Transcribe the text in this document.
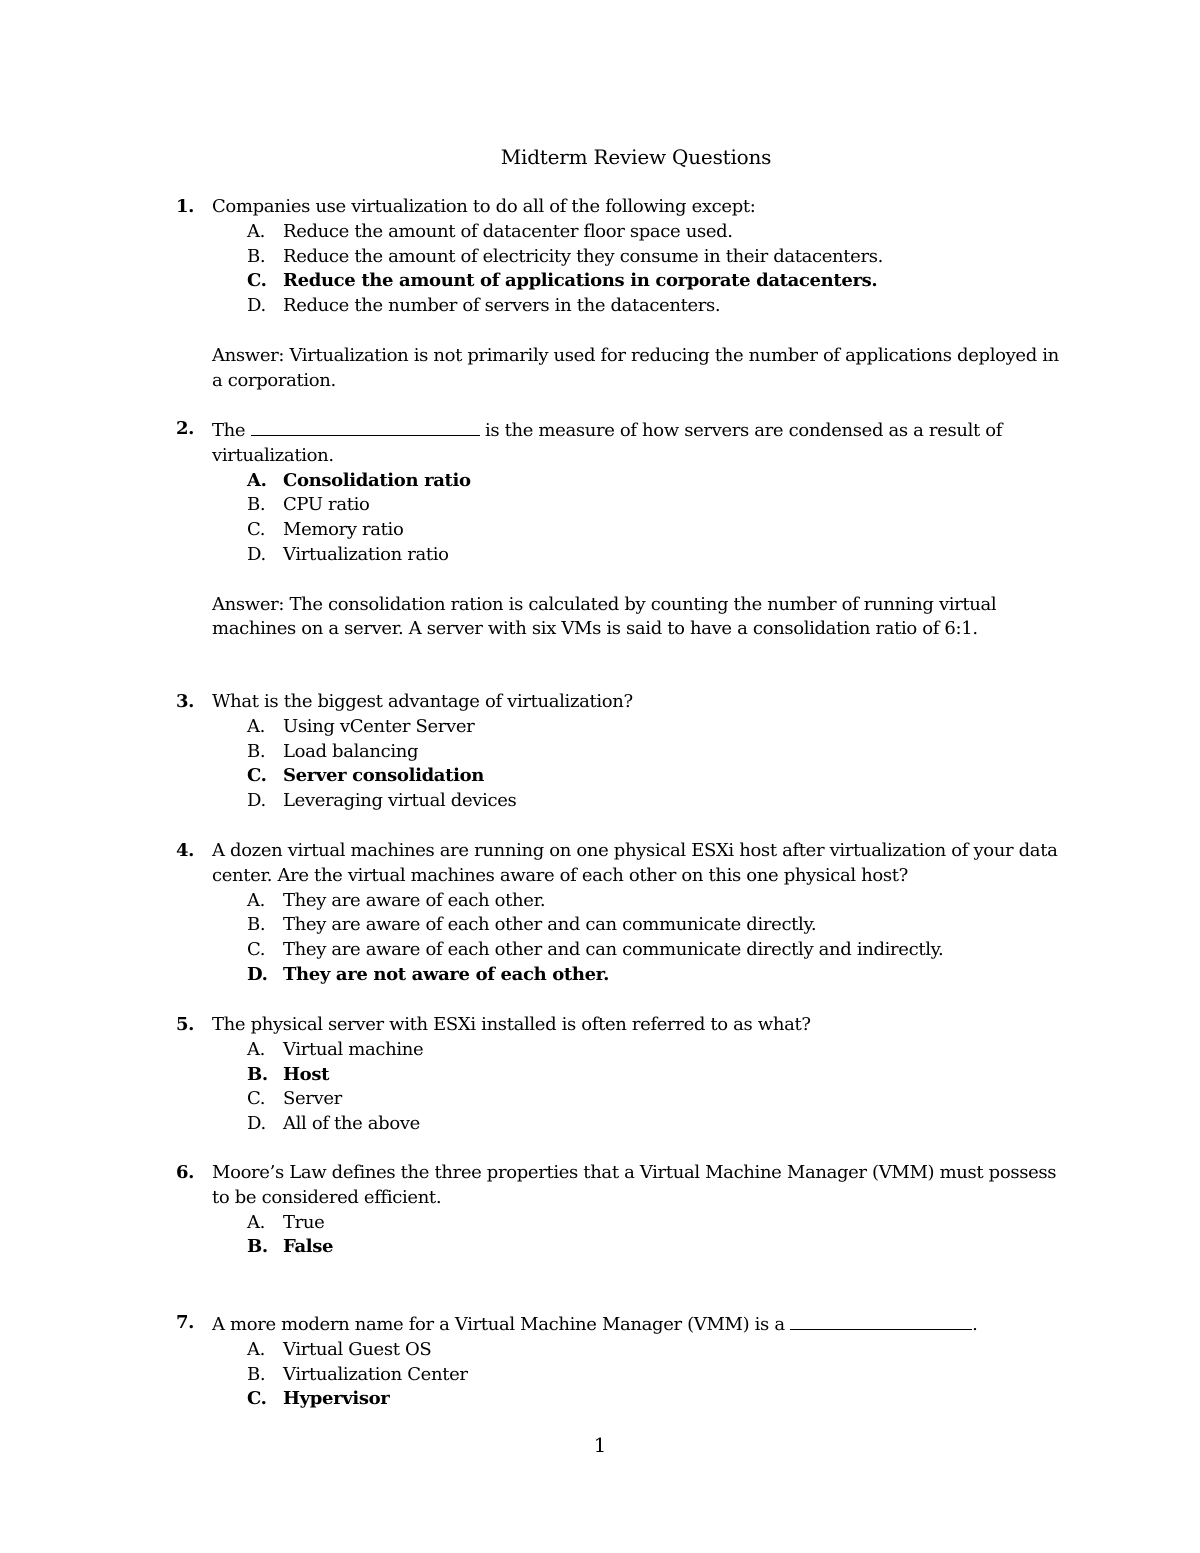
Midterm Review Questions
1. Companies use virtualization to do all of the following except:
A. Reduce the amount of datacenter floor space used.
B. Reduce the amount of electricity they consume in their datacenters.
C. Reduce the amount of applications in corporate datacenters.
D. Reduce the number of servers in the datacenters.
Answer: Virtualization is not primarily used for reducing the number of applications deployed in a corporation.
2. The	is the measure of how servers are condensed as a result of virtualization.
A. Consolidation ratio
B. CPU ratio
C. Memory ratio
D. Virtualization ratio
Answer: The consolidation ration is calculated by counting the number of running virtual machines on a server. A server with six VMs is said to have a consolidation ratio of 6:1.
3. What is the biggest advantage of virtualization?
A. Using vCenter Server
B. Load balancing
C. Server consolidation
D. Leveraging virtual devices
4. A dozen virtual machines are running on one physical ESXi host after virtualization of your data center. Are the virtual machines aware of each other on this one physical host?
A. They are aware of each other.
B. They are aware of each other and can communicate directly.
C. They are aware of each other and can communicate directly and indirectly.
D. They are not aware of each other.
5. The physical server with ESXi installed is often referred to as what?
A. Virtual machine
B. Host
C. Server
D. All of the above
6. Moore’s Law defines the three properties that a Virtual Machine Manager (VMM) must possess to be considered efficient.
A. True
B. False
7. A more modern name for a Virtual Machine Manager (VMM) is a	.
A. Virtual Guest OS
B. Virtualization Center
C. Hypervisor
1
